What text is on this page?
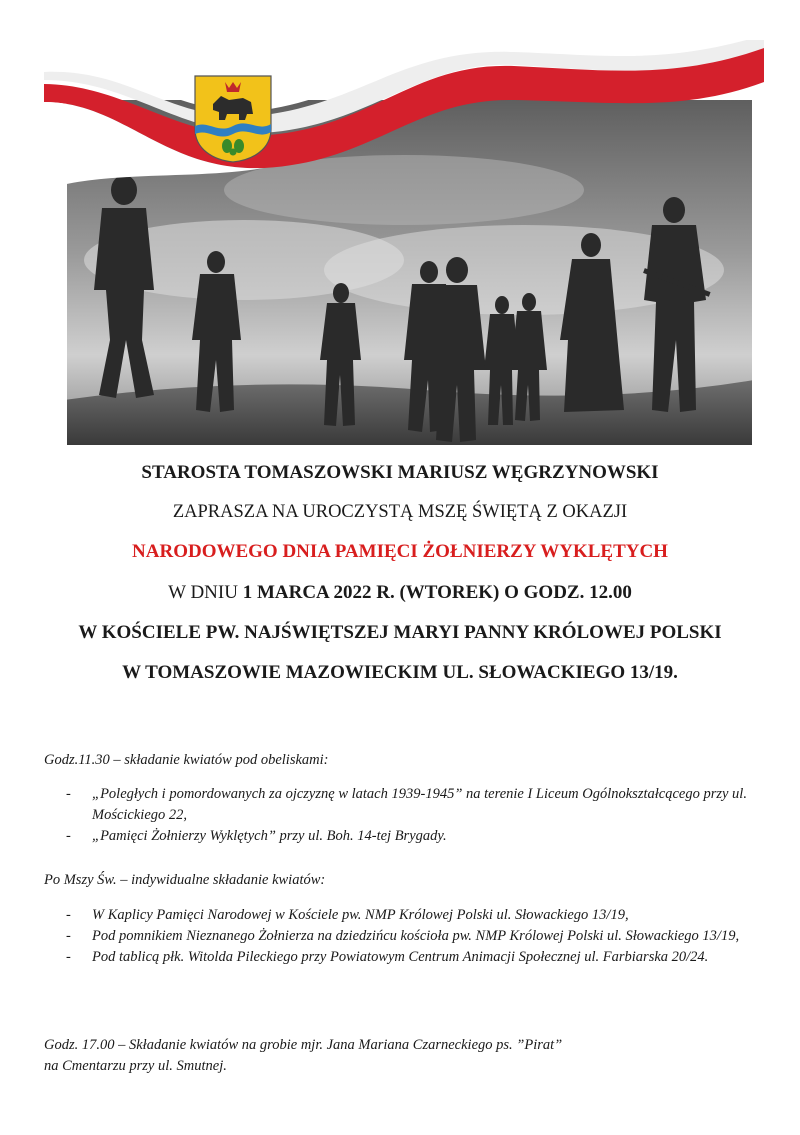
STAROSTA TOMASZOWSKI MARIUSZ WĘGRZYNOWSKI
ZAPRASZA NA UROCZYSTĄ MSZĘ ŚWIĘTĄ Z OKAZJI
NARODOWEGO DNIA PAMIĘCI ŻOŁNIERZY WYKLĘTYCH
W DNIU 1 MARCA 2022 R. (WTOREK) O GODZ. 12.00
W KOŚCIELE PW. NAJŚWIĘTSZEJ MARYI PANNY KRÓLOWEJ POLSKI
W TOMASZOWIE MAZOWIECKIM UL. SŁOWACKIEGO 13/19.
Godz.11.30 – składanie kwiatów pod obeliskami:
- „Poległych i pomordowanych za ojczyznę w latach 1939-1945” na terenie I Liceum Ogólnokształcącego przy ul. Mościckiego 22,
- „Pamięci Żołnierzy Wyklętych” przy ul. Boh. 14-tej Brygady.
Po Mszy Św. – indywidualne składanie kwiatów:
- W Kaplicy Pamięci Narodowej w Kościele pw. NMP Królowej Polski ul. Słowackiego 13/19,
- Pod pomnikiem Nieznanego Żołnierza na dziedzińcu kościoła pw. NMP Królowej Polski ul. Słowackiego 13/19,
- Pod tablicą płk. Witolda Pileckiego przy Powiatowym Centrum Animacji Społecznej ul. Farbiarska 20/24.
Godz. 17.00 – Składanie kwiatów na grobie mjr. Jana Mariana Czarneckiego ps. ”Pirat”
na Cmentarzu przy ul. Smutnej.
